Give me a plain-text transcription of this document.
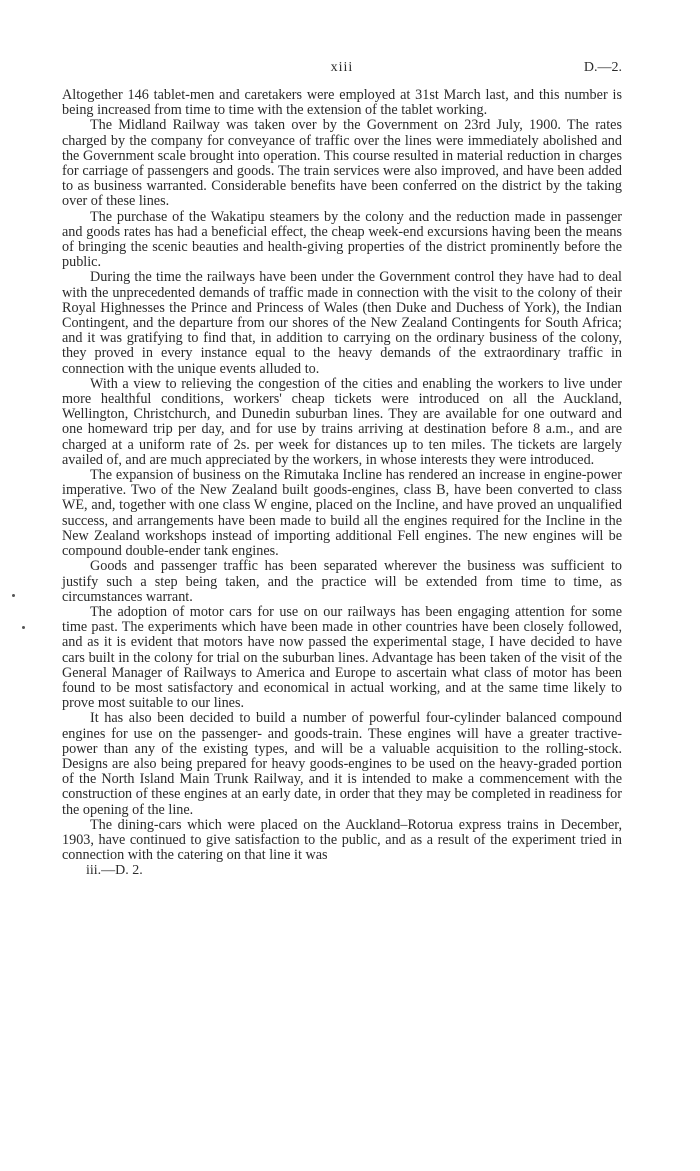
xiii	D.—2.

Altogether 146 tablet-men and caretakers were employed at 31st March last, and this number is being increased from time to time with the extension of the tablet working.

The Midland Railway was taken over by the Government on 23rd July, 1900. The rates charged by the company for conveyance of traffic over the lines were immediately abolished and the Government scale brought into operation. This course resulted in material reduction in charges for carriage of passengers and goods. The train services were also improved, and have been added to as business warranted. Considerable benefits have been conferred on the district by the taking over of these lines.

The purchase of the Wakatipu steamers by the colony and the reduction made in passenger and goods rates has had a beneficial effect, the cheap week-end excursions having been the means of bringing the scenic beauties and health-giving properties of the district prominently before the public.

During the time the railways have been under the Government control they have had to deal with the unprecedented demands of traffic made in connection with the visit to the colony of their Royal Highnesses the Prince and Princess of Wales (then Duke and Duchess of York), the Indian Contingent, and the departure from our shores of the New Zealand Contingents for South Africa; and it was gratifying to find that, in addition to carrying on the ordinary business of the colony, they proved in every instance equal to the heavy demands of the extraordinary traffic in connection with the unique events alluded to.

With a view to relieving the congestion of the cities and enabling the workers to live under more healthful conditions, workers' cheap tickets were introduced on all the Auckland, Wellington, Christchurch, and Dunedin suburban lines. They are available for one outward and one homeward trip per day, and for use by trains arriving at destination before 8 a.m., and are charged at a uniform rate of 2s. per week for distances up to ten miles. The tickets are largely availed of, and are much appreciated by the workers, in whose interests they were introduced.

The expansion of business on the Rimutaka Incline has rendered an increase in engine-power imperative. Two of the New Zealand built goods-engines, class B, have been converted to class WE, and, together with one class W engine, placed on the Incline, and have proved an unqualified success, and arrangements have been made to build all the engines required for the Incline in the New Zealand workshops instead of importing additional Fell engines. The new engines will be compound double-ender tank engines.

Goods and passenger traffic has been separated wherever the business was sufficient to justify such a step being taken, and the practice will be extended from time to time, as circumstances warrant.

The adoption of motor cars for use on our railways has been engaging attention for some time past. The experiments which have been made in other countries have been closely followed, and as it is evident that motors have now passed the experimental stage, I have decided to have cars built in the colony for trial on the suburban lines. Advantage has been taken of the visit of the General Manager of Railways to America and Europe to ascertain what class of motor has been found to be most satisfactory and economical in actual working, and at the same time likely to prove most suitable to our lines.

It has also been decided to build a number of powerful four-cylinder balanced compound engines for use on the passenger- and goods-train. These engines will have a greater tractive-power than any of the existing types, and will be a valuable acquisition to the rolling-stock. Designs are also being prepared for heavy goods-engines to be used on the heavy-graded portion of the North Island Main Trunk Railway, and it is intended to make a commencement with the construction of these engines at an early date, in order that they may be completed in readiness for the opening of the line.

The dining-cars which were placed on the Auckland–Rotorua express trains in December, 1903, have continued to give satisfaction to the public, and as a result of the experiment tried in connection with the catering on that line it was

iii.—D. 2.
